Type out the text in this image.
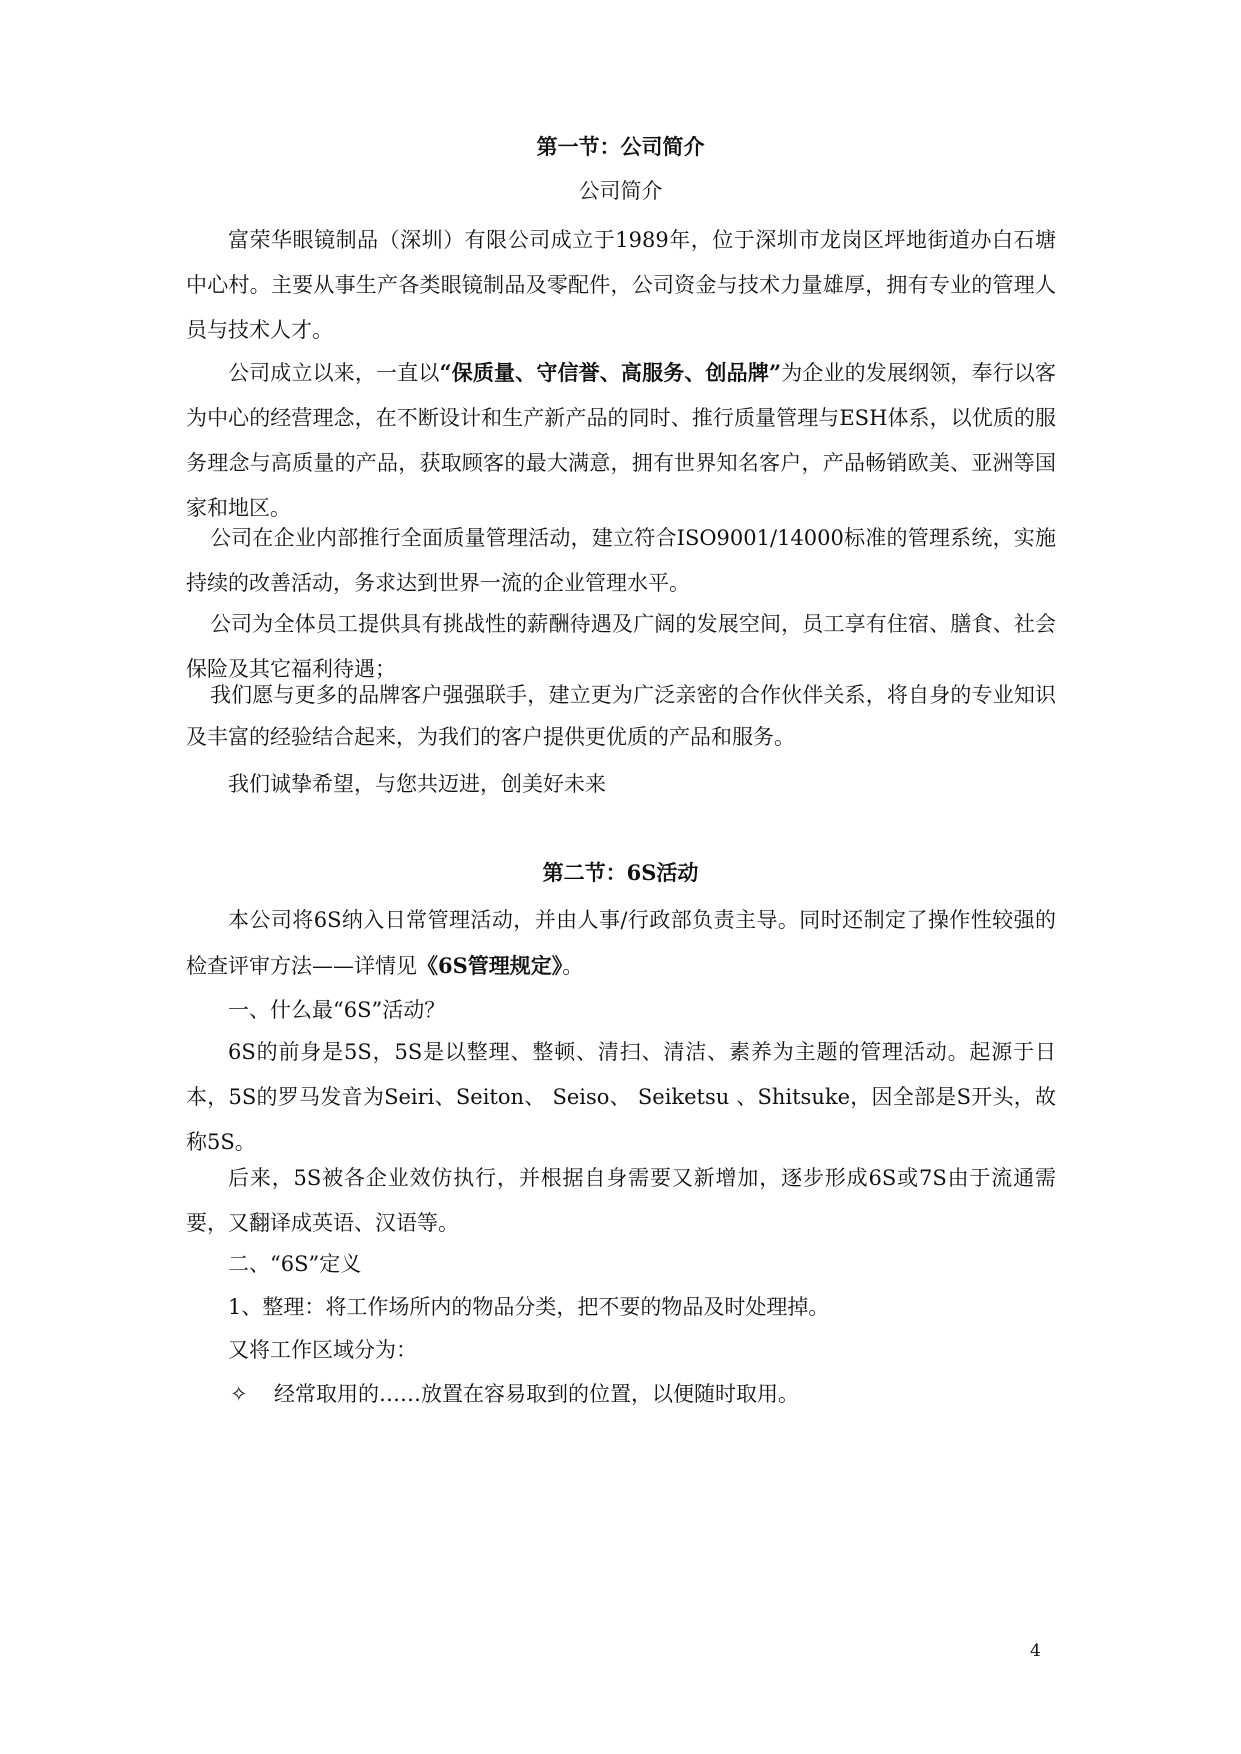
第一节：公司简介
公司简介
富荣华眼镜制品（深圳）有限公司成立于1989年，位于深圳市龙岗区坪地街道办白石塘中心村。主要从事生产各类眼镜制品及零配件，公司资金与技术力量雄厚，拥有专业的管理人员与技术人才。
公司成立以来，一直以“保质量、守信誉、高服务、创品牌”为企业的发展纲领，奉行以客为中心的经营理念，在不断设计和生产新产品的同时、推行质量管理与ESH体系，以优质的服务理念与高质量的产品，获取顾客的最大满意，拥有世界知名客户，产品畅销欧美、亚洲等国家和地区。
公司在企业内部推行全面质量管理活动，建立符合ISO9001/14000标准的管理系统，实施持续的改善活动，务求达到世界一流的企业管理水平。
公司为全体员工提供具有挑战性的薪酬待遇及广阔的发展空间，员工享有住宿、膳食、社会保险及其它福利待遇；
我们愿与更多的品牌客户强强联手，建立更为广泛亲密的合作伙伴关系，将自身的专业知识及丰富的经验结合起来，为我们的客户提供更优质的产品和服务。
我们诚挚希望，与您共迈进，创美好未来
第二节：6S活动
本公司将6S纳入日常管理活动，并由人事/行政部负责主导。同时还制定了操作性较强的检查评审方法——详情见《6S管理规定》。
一、什么最“6S”活动？
6S的前身是5S，5S是以整理、整顿、清扫、清洁、素养为主题的管理活动。起源于日本，5S的罗马发音为Seiri、Seiton、 Seiso、 Seiketsu 、Shitsuke，因全部是S开头，故称5S。
后来，5S被各企业效仿执行，并根据自身需要又新增加，逐步形成6S或7S由于流通需要，又翻译成英语、汉语等。
二、“6S”定义
1、整理：将工作场所内的物品分类，把不要的物品及时处理掉。
又将工作区域分为：
✧ 经常取用的……放置在容易取到的位置，以便随时取用。
4
